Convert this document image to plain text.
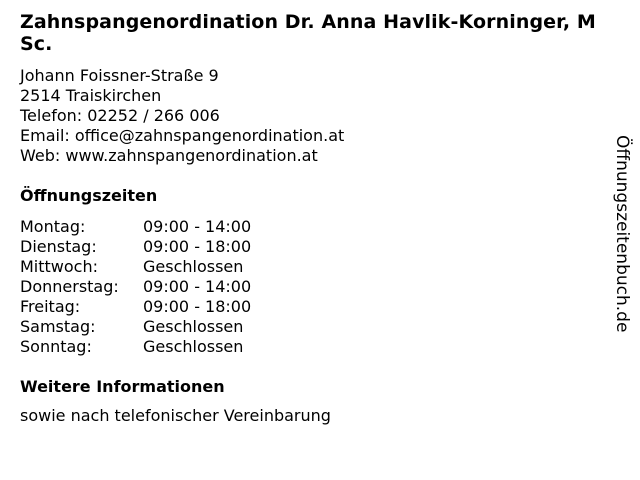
Zahnspangenordination Dr. Anna Havlik-Korninger, M Sc.
Johann Foissner-Straße 9
2514 Traiskirchen
Telefon: 02252 / 266 006
Email: office@zahnspangenordination.at
Web: www.zahnspangenordination.at
Öffnungszeiten
Montag:	09:00 - 14:00
Dienstag:	09:00 - 18:00
Mittwoch:	Geschlossen
Donnerstag:	09:00 - 14:00
Freitag:	09:00 - 18:00
Samstag:	Geschlossen
Sonntag:	Geschlossen
Weitere Informationen
sowie nach telefonischer Vereinbarung
Öffnungszeitenbuch.de
